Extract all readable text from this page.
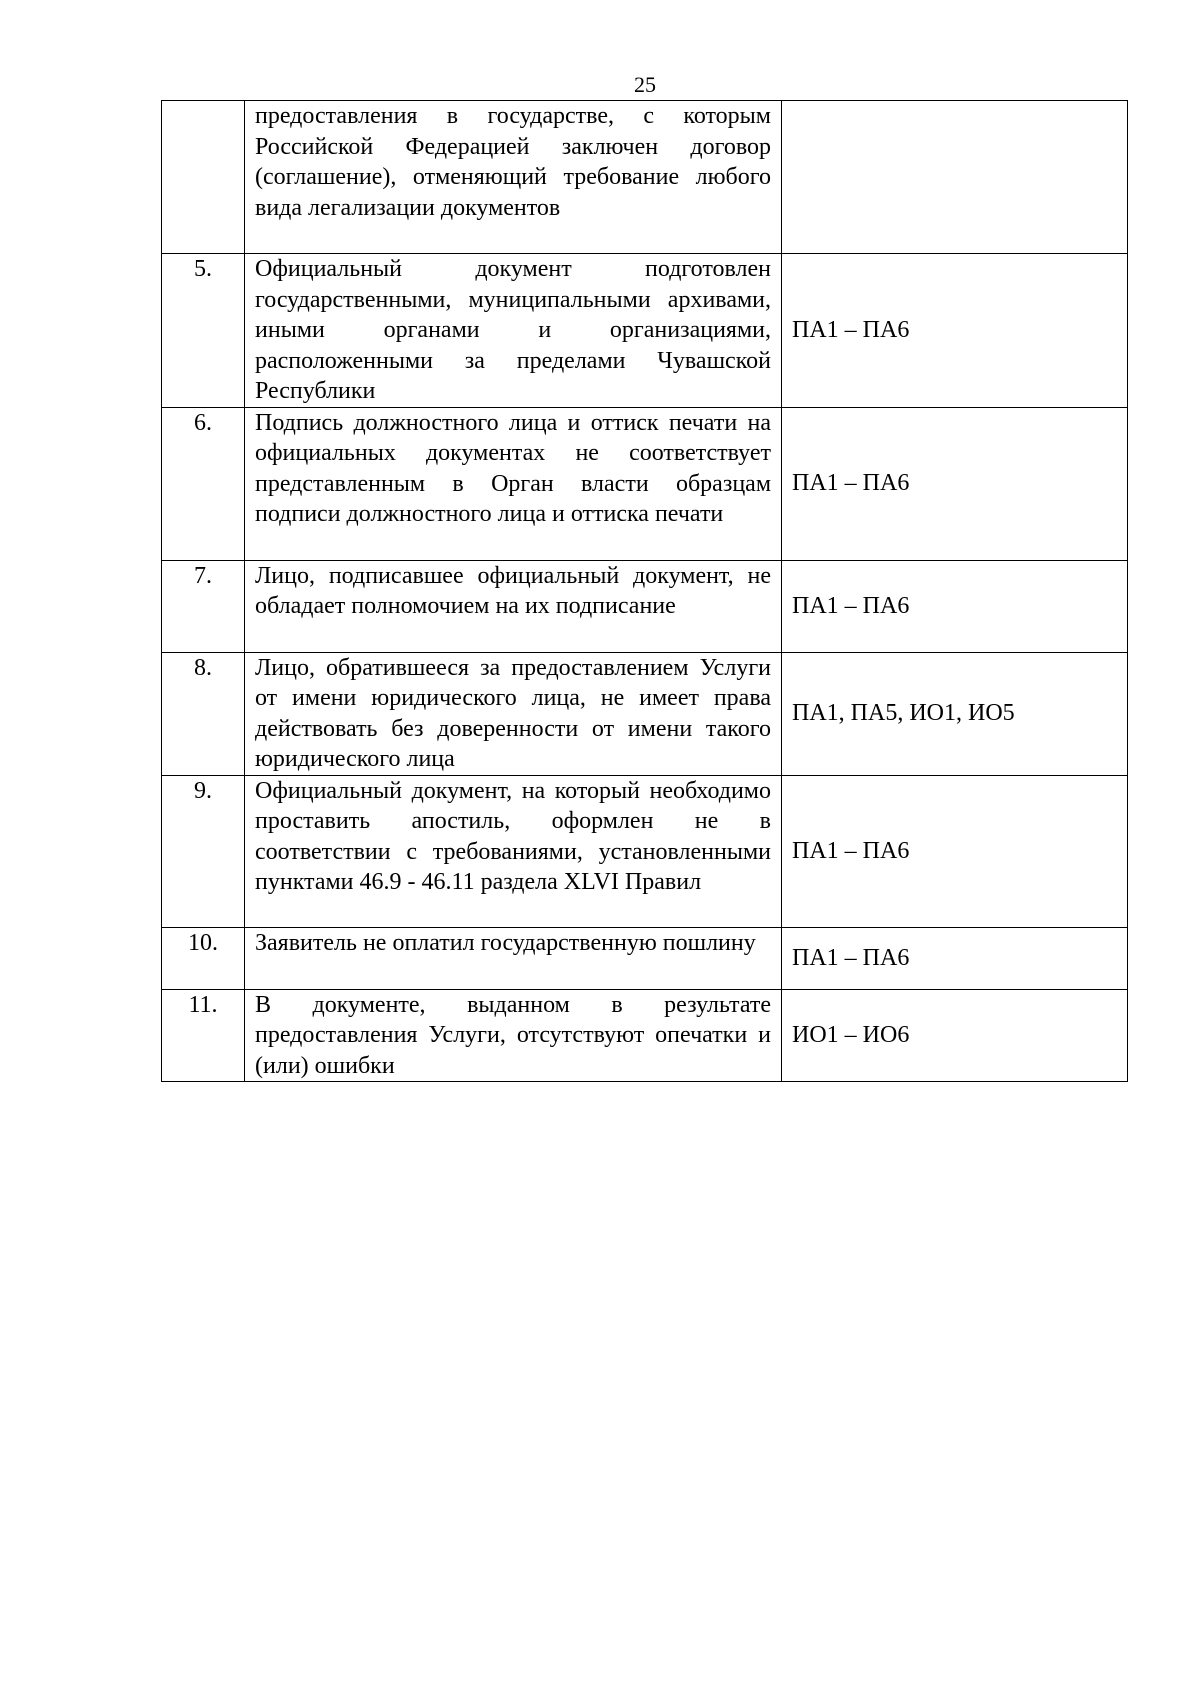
25
	предоставления в государстве, с которым Российской Федерацией заключен договор (соглашение), отменяющий требование любого вида легализации документов	
5.	Официальный документ подготовлен государственными, муниципальными архивами, иными органами и организациями, расположенными за пределами Чувашской Республики	ПА1 – ПА6
6.	Подпись должностного лица и оттиск печати на официальных документах не соответствует представленным в Орган власти образцам подписи должностного лица и оттиска печати	ПА1 – ПА6
7.	Лицо, подписавшее официальный документ, не обладает полномочием на их подписание	ПА1 – ПА6
8.	Лицо, обратившееся за предоставлением Услуги от имени юридического лица, не имеет права действовать без доверенности от имени такого юридического лица	ПА1, ПА5, ИО1, ИО5
9.	Официальный документ, на который необходимо проставить апостиль, оформлен не в соответствии с требованиями, установленными пунктами 46.9 - 46.11 раздела XLVI Правил	ПА1 – ПА6
10.	Заявитель не оплатил государственную пошлину	ПА1 – ПА6
11.	В документе, выданном в результате предоставления Услуги, отсутствуют опечатки и (или) ошибки	ИО1 – ИО6
